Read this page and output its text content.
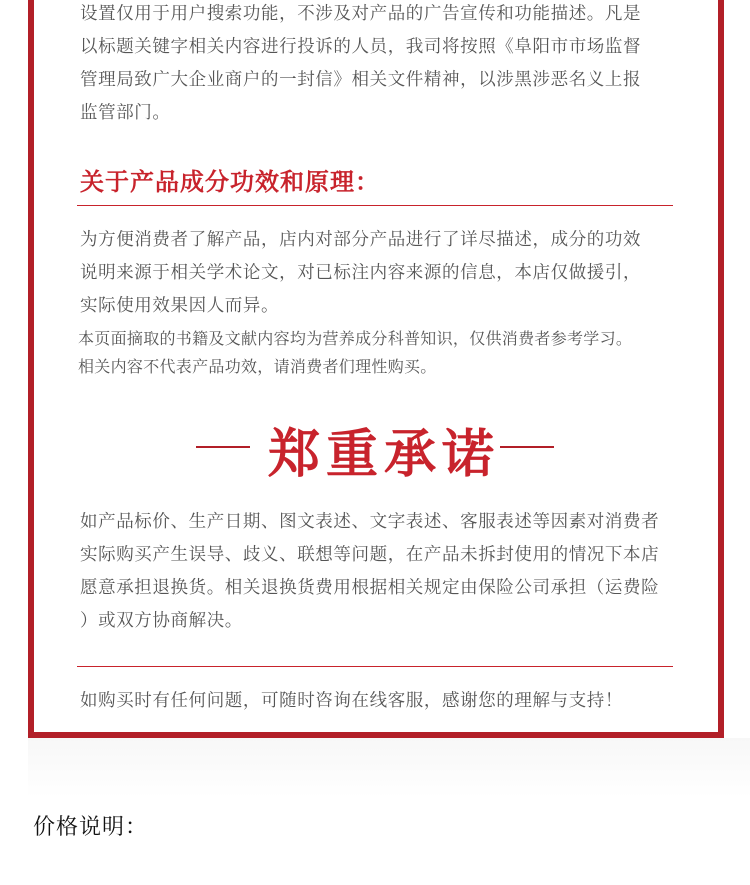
设置仅用于用户搜索功能，不涉及对产品的广告宣传和功能描述。凡是
以标题关键字相关内容进行投诉的人员，我司将按照《阜阳市市场监督
管理局致广大企业商户的一封信》相关文件精神，以涉黑涉恶名义上报
监管部门。
关于产品成分功效和原理：
为方便消费者了解产品，店内对部分产品进行了详尽描述，成分的功效
说明来源于相关学术论文，对已标注内容来源的信息，本店仅做援引，
实际使用效果因人而异。
本页面摘取的书籍及文献内容均为营养成分科普知识，仅供消费者参考学习。
相关内容不代表产品功效，请消费者们理性购买。
郑重承诺
如产品标价、生产日期、图文表述、文字表述、客服表述等因素对消费者
实际购买产生误导、歧义、联想等问题，在产品未拆封使用的情况下本店
愿意承担退换货。相关退换货费用根据相关规定由保险公司承担（运费险
）或双方协商解决。
如购买时有任何问题，可随时咨询在线客服，感谢您的理解与支持！
价格说明：
